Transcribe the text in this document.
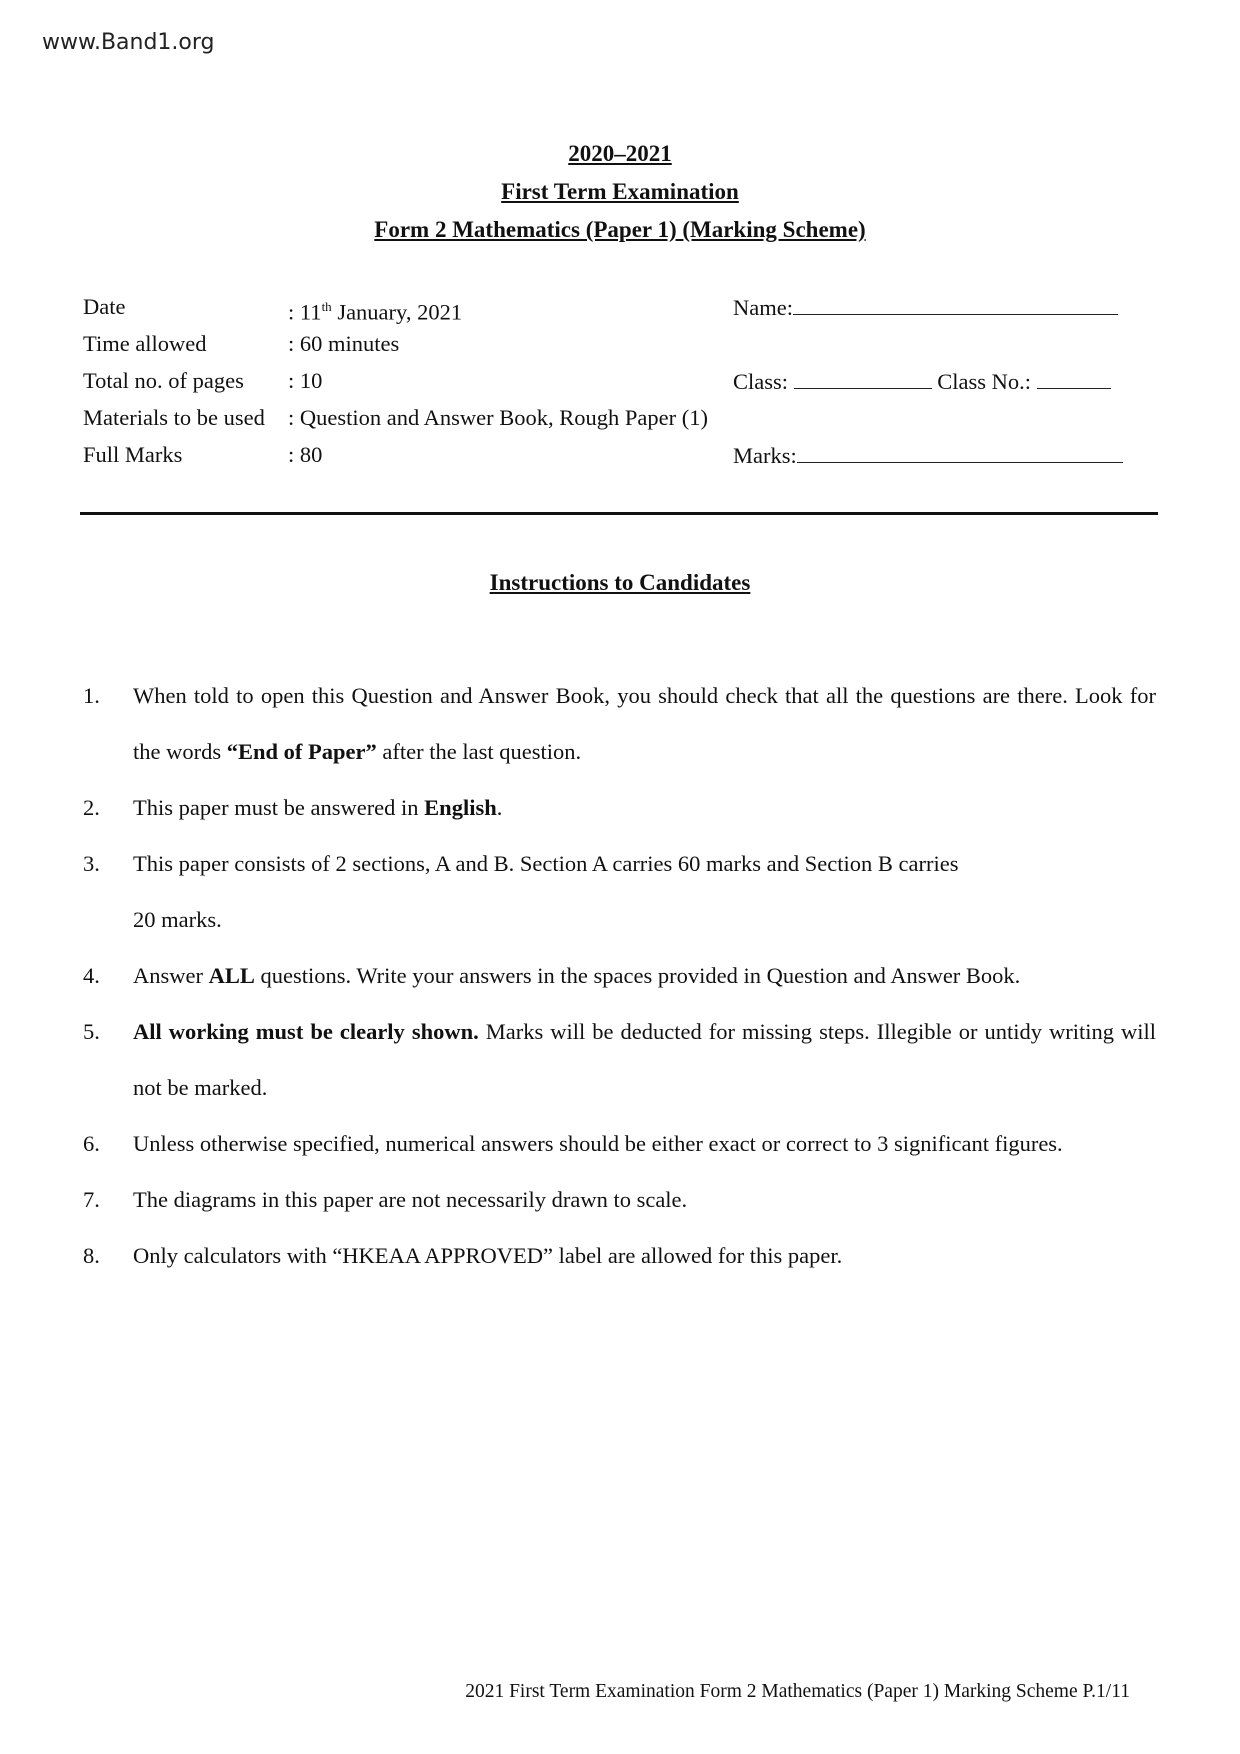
www.Band1.org
2020–2021
First Term Examination
Form 2 Mathematics (Paper 1) (Marking Scheme)
Date	: 11th January, 2021
Time allowed	: 60 minutes
Total no. of pages : 10
Materials to be used : Question and Answer Book, Rough Paper (1)
Full Marks	: 80
Name:
Class:	Class No.:
Marks:
Instructions to Candidates
1. When told to open this Question and Answer Book, you should check that all the questions are there. Look for the words “End of Paper” after the last question.
2. This paper must be answered in English.
3. This paper consists of 2 sections, A and B. Section A carries 60 marks and Section B carries
20 marks.
4. Answer ALL questions. Write your answers in the spaces provided in Question and Answer Book.
5. All working must be clearly shown. Marks will be deducted for missing steps. Illegible or untidy writing will not be marked.
6. Unless otherwise specified, numerical answers should be either exact or correct to 3 significant figures.
7. The diagrams in this paper are not necessarily drawn to scale.
8. Only calculators with “HKEAA APPROVED” label are allowed for this paper.
2021 First Term Examination Form 2 Mathematics (Paper 1) Marking Scheme P.1/11
